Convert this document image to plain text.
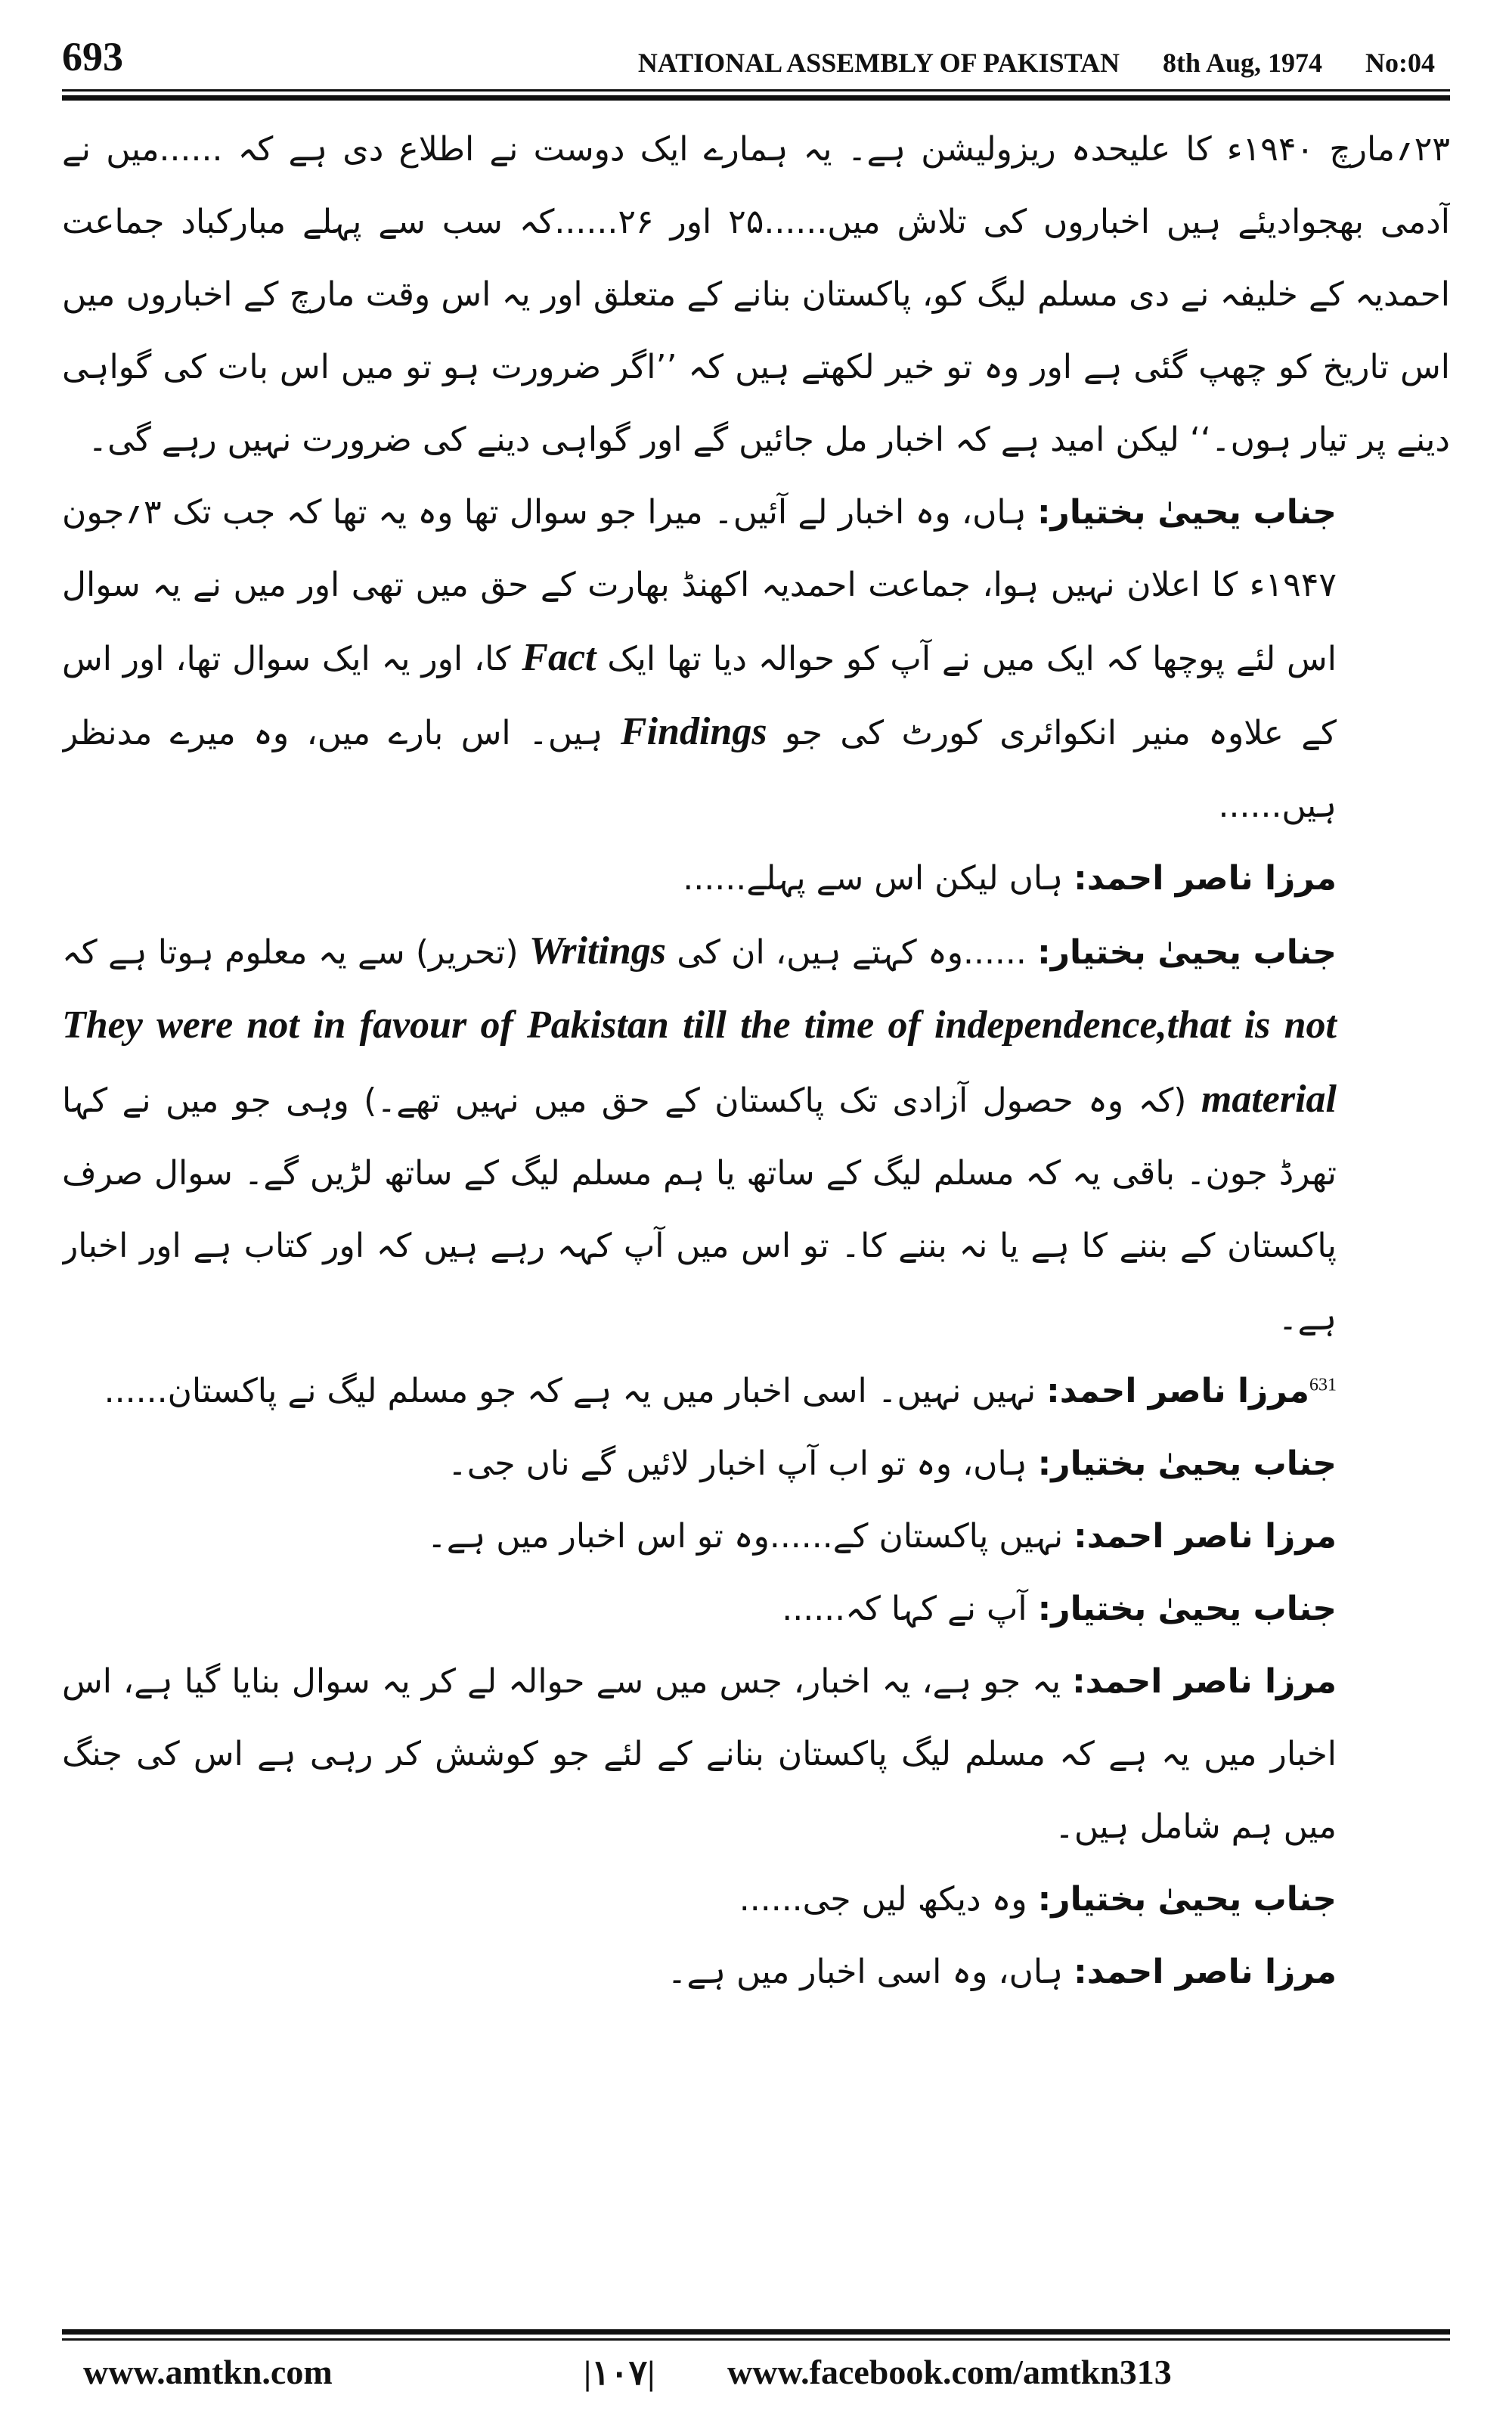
693	NATIONAL ASSEMBLY OF PAKISTAN 8th Aug, 1974 No:04

۲۳؍مارچ ۱۹۴۰ء کا علیحدہ ریزولیشن ہے۔ یہ ہمارے ایک دوست نے اطلاع دی ہے کہ ......میں نے آدمی بھجوادیئے ہیں اخباروں کی تلاش میں......۲۵ اور ۲۶......کہ سب سے پہلے مبارکباد جماعت احمدیہ کے خلیفہ نے دی مسلم لیگ کو، پاکستان بنانے کے متعلق اور یہ اس وقت مارچ کے اخباروں میں اس تاریخ کو چھپ گئی ہے اور وہ تو خیر لکھتے ہیں کہ ’’اگر ضرورت ہو تو میں اس بات کی گواہی دینے پر تیار ہوں۔‘‘ لیکن امید ہے کہ اخبار مل جائیں گے اور گواہی دینے کی ضرورت نہیں رہے گی۔

جناب یحییٰ بختیار: ہاں، وہ اخبار لے آئیں۔ میرا جو سوال تھا وہ یہ تھا کہ جب تک ۳؍جون ۱۹۴۷ء کا اعلان نہیں ہوا، جماعت احمدیہ اکھنڈ بھارت کے حق میں تھی اور میں نے یہ سوال اس لئے پوچھا کہ ایک میں نے آپ کو حوالہ دیا تھا ایک Fact کا، اور یہ ایک سوال تھا، اور اس کے علاوہ منیر انکوائری کورٹ کی جو Findings ہیں۔ اس بارے میں، وہ میرے مدنظر ہیں......

مرزا ناصر احمد: ہاں لیکن اس سے پہلے......

جناب یحییٰ بختیار: ......وہ کہتے ہیں، ان کی Writings (تحریر) سے یہ معلوم ہوتا ہے کہ They were not in favour of Pakistan till the time of independence,that is not material (کہ وہ حصول آزادی تک پاکستان کے حق میں نہیں تھے۔) وہی جو میں نے کہا تھرڈ جون۔ باقی یہ کہ مسلم لیگ کے ساتھ یا ہم مسلم لیگ کے ساتھ لڑیں گے۔ سوال صرف پاکستان کے بننے کا ہے یا نہ بننے کا۔ تو اس میں آپ کہہ رہے ہیں کہ اور کتاب ہے اور اخبار ہے۔

$^{631}$مرزا ناصر احمد: نہیں نہیں۔ اسی اخبار میں یہ ہے کہ جو مسلم لیگ نے پاکستان......

جناب یحییٰ بختیار: ہاں، وہ تو اب آپ اخبار لائیں گے ناں جی۔

مرزا ناصر احمد: نہیں پاکستان کے......وہ تو اس اخبار میں ہے۔

جناب یحییٰ بختیار: آپ نے کہا کہ......

مرزا ناصر احمد: یہ جو ہے، یہ اخبار، جس میں سے حوالہ لے کر یہ سوال بنایا گیا ہے، اس اخبار میں یہ ہے کہ مسلم لیگ پاکستان بنانے کے لئے جو کوشش کر رہی ہے اس کی جنگ میں ہم شامل ہیں۔

جناب یحییٰ بختیار: وہ دیکھ لیں جی......

مرزا ناصر احمد: ہاں، وہ اسی اخبار میں ہے۔

www.amtkn.com	|۱۰۷| www.facebook.com/amtkn313
